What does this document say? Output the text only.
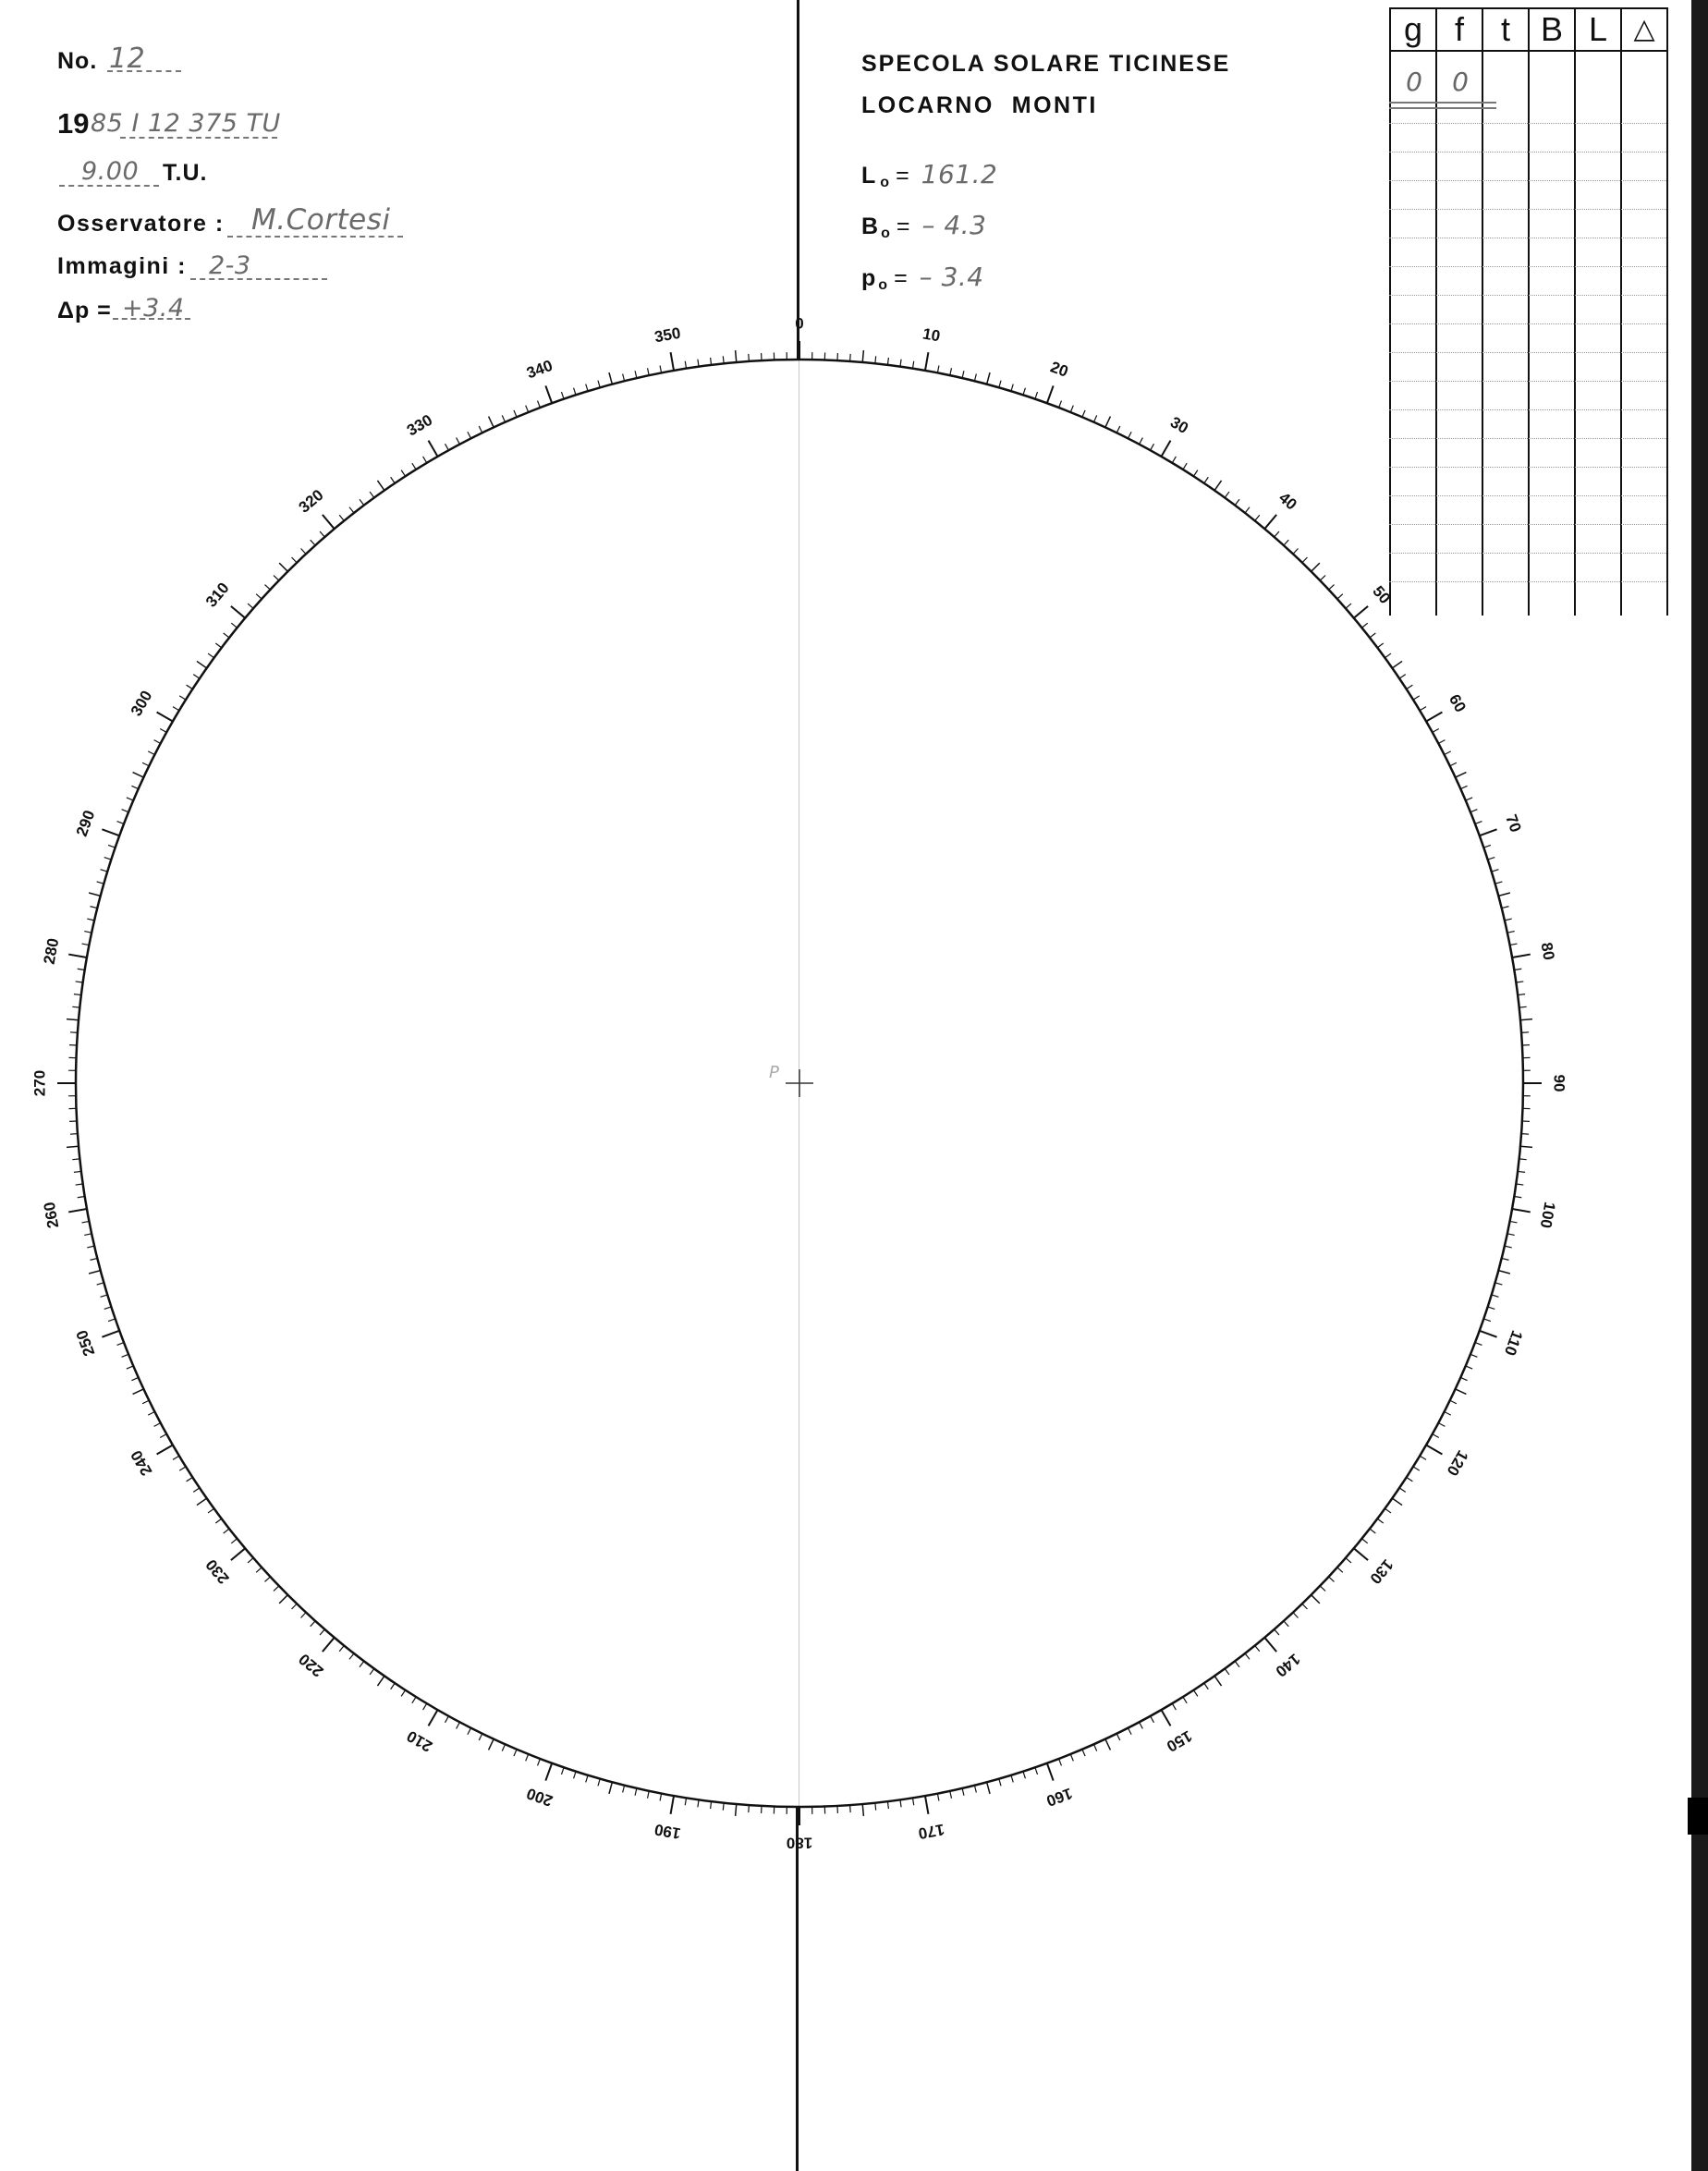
No. 12
19 85 I 12 375 TU
9.00 T.U.
Osservatore : M.Cortesi
Immagini : 2-3
Δp = +3.4
SPECOLA SOLARE TICINESE
LOCARNO  MONTI
Lo = 161.2
Bo = – 4.3
po = – 3.4
g f	t B L △
0	0
0
10
20
30
40
50
60
70
80
90
100
110
120
130
140
150
160
170
180
190
200
210
220
230
240
250
260
270
280
290
300
310
320
330
340
350
P
